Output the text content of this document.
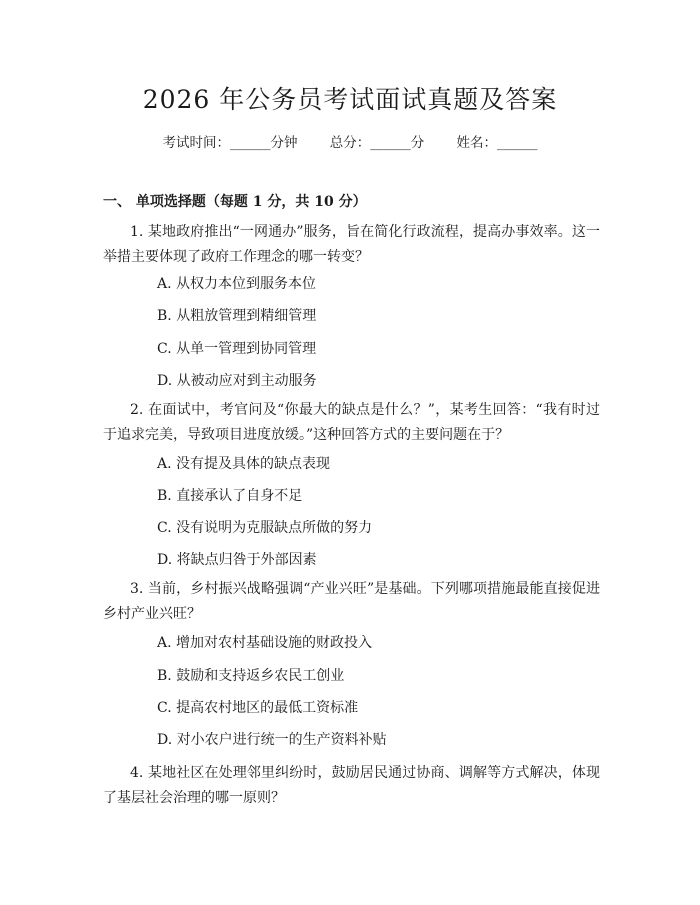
2026 年公务员考试面试真题及答案
考试时间：______分钟 总分：______分 姓名：______
一、 单项选择题（每题 1 分，共 10 分）
1. 某地政府推出“一网通办”服务，旨在简化行政流程，提高办事效率。这一举措主要体现了政府工作理念的哪一转变？
A. 从权力本位到服务本位
B. 从粗放管理到精细管理
C. 从单一管理到协同管理
D. 从被动应对到主动服务
2. 在面试中，考官问及“你最大的缺点是什么？”，某考生回答：“我有时过于追求完美，导致项目进度放缓。”这种回答方式的主要问题在于？
A. 没有提及具体的缺点表现
B. 直接承认了自身不足
C. 没有说明为克服缺点所做的努力
D. 将缺点归咎于外部因素
3. 当前，乡村振兴战略强调“产业兴旺”是基础。下列哪项措施最能直接促进乡村产业兴旺？
A. 增加对农村基础设施的财政投入
B. 鼓励和支持返乡农民工创业
C. 提高农村地区的最低工资标准
D. 对小农户进行统一的生产资料补贴
4. 某地社区在处理邻里纠纷时，鼓励居民通过协商、调解等方式解决，体现了基层社会治理的哪一原则？
